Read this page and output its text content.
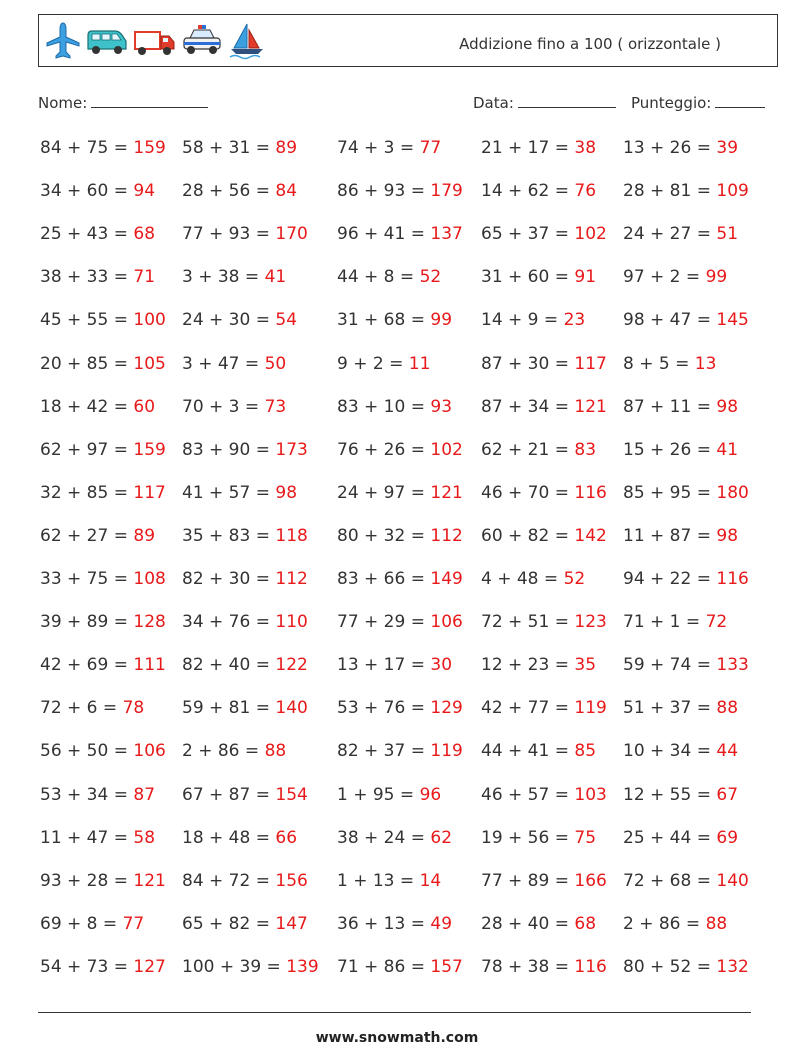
Addizione fino a 100 ( orizzontale )
Nome:	Data:	Punteggio:
84 + 75 = 159 58 + 31 = 89 74 + 3 = 77 21 + 17 = 38 13 + 26 = 39
34 + 60 = 94 28 + 56 = 84 86 + 93 = 179 14 + 62 = 76 28 + 81 = 109
25 + 43 = 68 77 + 93 = 170 96 + 41 = 137 65 + 37 = 102 24 + 27 = 51
38 + 33 = 71 3 + 38 = 41	44 + 8 = 52 31 + 60 = 91 97 + 2 = 99
45 + 55 = 100 24 + 30 = 54 31 + 68 = 99 14 + 9 = 23 98 + 47 = 145
20 + 85 = 105 3 + 47 = 50	9 + 2 = 11	87 + 30 = 117 8 + 5 = 13
18 + 42 = 60 70 + 3 = 73	83 + 10 = 93 87 + 34 = 121 87 + 11 = 98
62 + 97 = 159 83 + 90 = 173 76 + 26 = 102 62 + 21 = 83 15 + 26 = 41
32 + 85 = 117 41 + 57 = 98 24 + 97 = 121 46 + 70 = 116 85 + 95 = 180
62 + 27 = 89 35 + 83 = 118 80 + 32 = 112 60 + 82 = 142 11 + 87 = 98
33 + 75 = 108 82 + 30 = 112 83 + 66 = 149 4 + 48 = 52 94 + 22 = 116
39 + 89 = 128 34 + 76 = 110 77 + 29 = 106 72 + 51 = 123 71 + 1 = 72
42 + 69 = 111 82 + 40 = 122 13 + 17 = 30 12 + 23 = 35 59 + 74 = 133
72 + 6 = 78 59 + 81 = 140 53 + 76 = 129 42 + 77 = 119 51 + 37 = 88
56 + 50 = 106 2 + 86 = 88	82 + 37 = 119 44 + 41 = 85 10 + 34 = 44
53 + 34 = 87 67 + 87 = 154 1 + 95 = 96 46 + 57 = 103 12 + 55 = 67
11 + 47 = 58 18 + 48 = 66 38 + 24 = 62 19 + 56 = 75 25 + 44 = 69
93 + 28 = 121 84 + 72 = 156 1 + 13 = 14 77 + 89 = 166 72 + 68 = 140
69 + 8 = 77 65 + 82 = 147 36 + 13 = 49 28 + 40 = 68 2 + 86 = 88
54 + 73 = 127 100 + 39 = 139 71 + 86 = 157 78 + 38 = 116 80 + 52 = 132
www.snowmath.com
